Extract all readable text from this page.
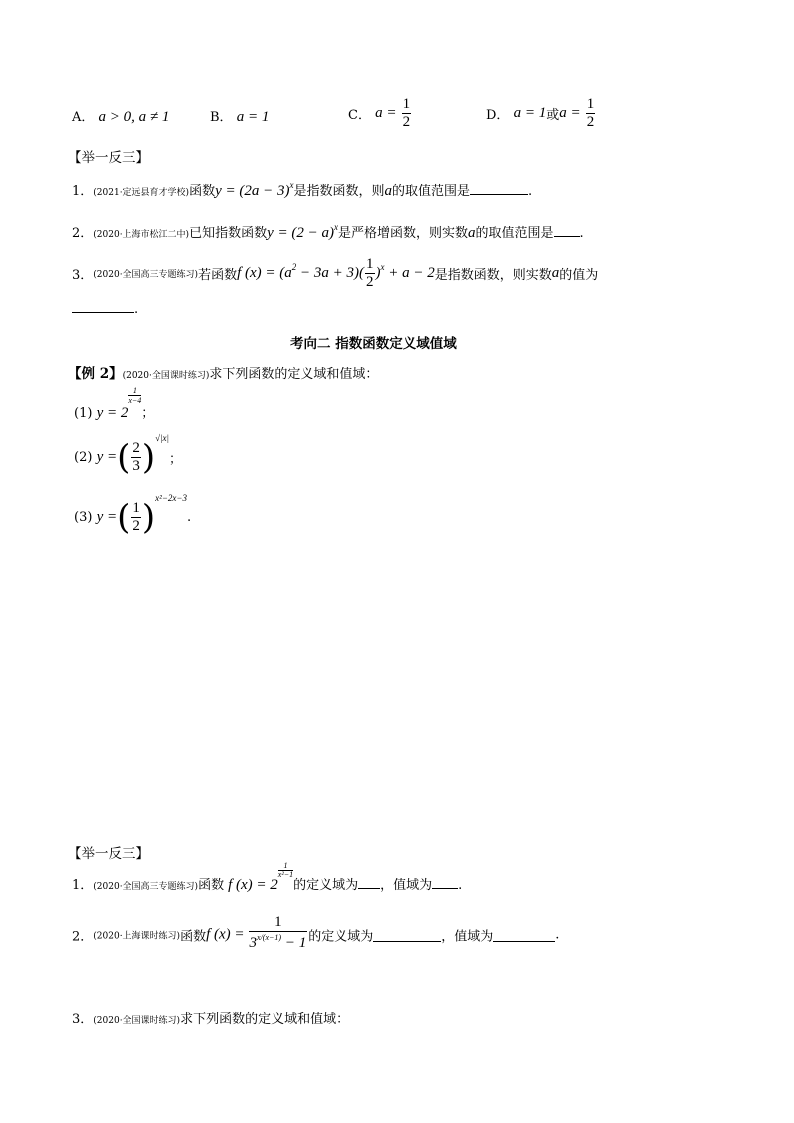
A． a > 0, a ≠ 1	B． a = 1	C． $a = \frac{1}{2}$	D． a = 1或$a = \frac{1}{2}$
【举一反三】
1．(2021·定远县育才学校)函数$y = (2a - 3)^x$是指数函数，则a的取值范围是	.
2．(2020·上海市松江二中)已知指数函数$y = (2 - a)^x$是严格增函数，则实数a的取值范围是 .
3．(2020·全国高三专题练习)若函数f $(x) = (a^2 - 3a + 3)( \frac{1}{2} )^x + a - 2$是指数函数，则实数a的值为
.
考向二 指数函数定义域值域
【例 2】(2020·全国课时练习)求下列函数的定义域和值域：
(1) y = 2
$\frac{1}{x-4}$
；
(2) y =( $\frac{2}{3} )^{√|x|}$；
(3) y =( $\frac{1}{2} )^{x^2-2x-3}$.
【举一反三】
1．(2020·全国高三专题练习)函数 f (x) = 2
$\frac{1}{\text{x²−1}}$
的定义域为 ，值域为 .
2．(2020·上海课时练习)函数f $(x) = \frac{1}{3^{x/(x-1)} - 1}$ 的定义域为	，值域为	.
3．(2020·全国课时练习)求下列函数的定义域和值域：
